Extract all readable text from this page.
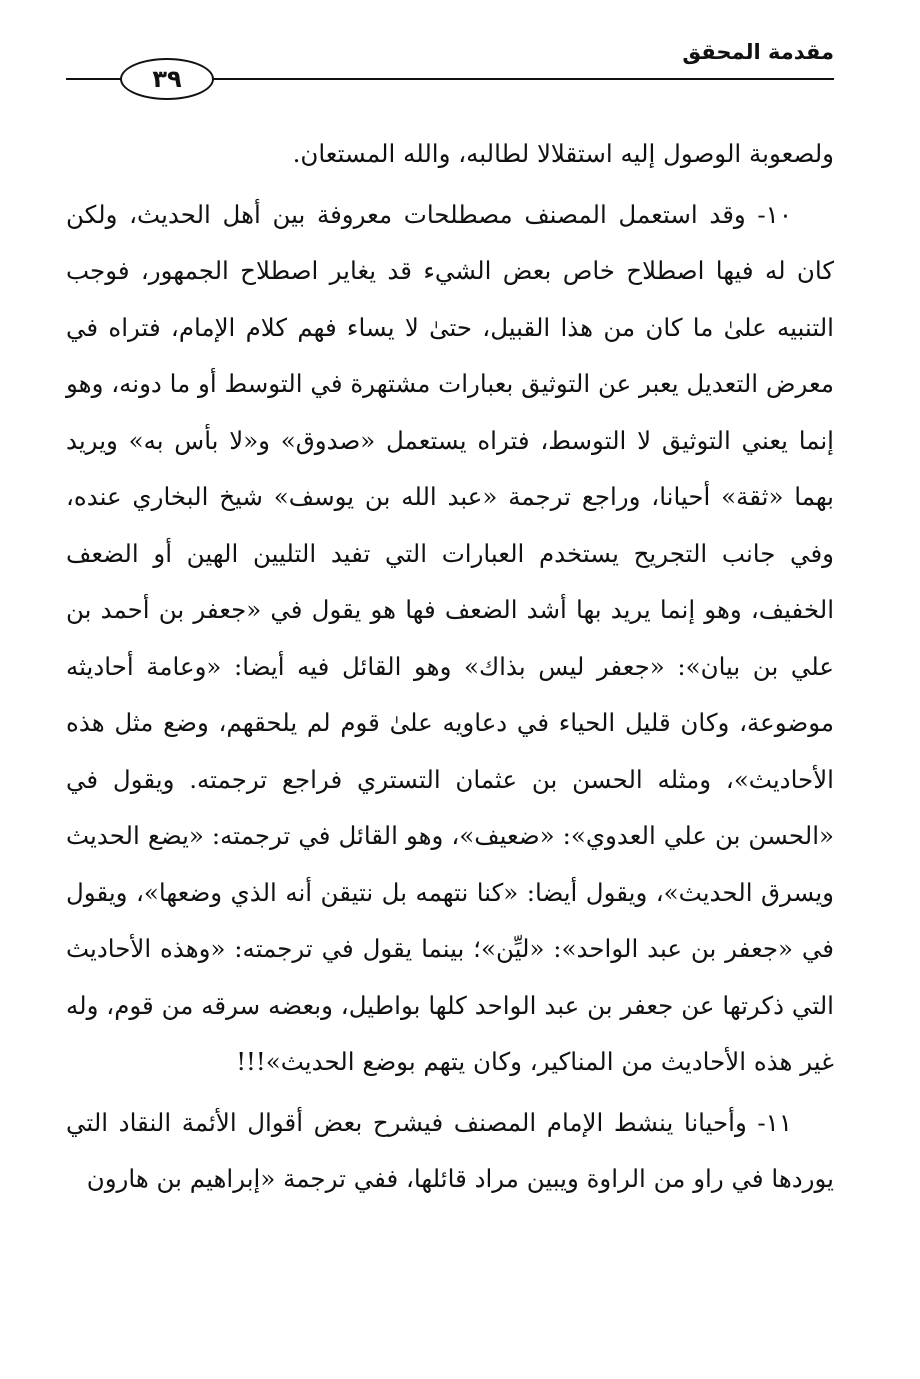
مقدمة المحقق
٣٩

ولصعوبة الوصول إليه استقلالا لطالبه، والله المستعان.

١٠- وقد استعمل المصنف مصطلحات معروفة بين أهل الحديث، ولكن كان له فيها اصطلاح خاص بعض الشيء قد يغاير اصطلاح الجمهور، فوجب التنبيه علىٰ ما كان من هذا القبيل، حتىٰ لا يساء فهم كلام الإمام، فتراه في معرض التعديل يعبر عن التوثيق بعبارات مشتهرة في التوسط أو ما دونه، وهو إنما يعني التوثيق لا التوسط، فتراه يستعمل «صدوق» و«لا بأس به» ويريد بهما «ثقة» أحيانا، وراجع ترجمة «عبد الله بن يوسف» شيخ البخاري عنده، وفي جانب التجريح يستخدم العبارات التي تفيد التليين الهين أو الضعف الخفيف، وهو إنما يريد بها أشد الضعف فها هو يقول في «جعفر بن أحمد بن علي بن بيان»: «جعفر ليس بذاك» وهو القائل فيه أيضا: «وعامة أحاديثه موضوعة، وكان قليل الحياء في دعاويه علىٰ قوم لم يلحقهم، وضع مثل هذه الأحاديث»، ومثله الحسن بن عثمان التستري فراجع ترجمته. ويقول في «الحسن بن علي العدوي»: «ضعيف»، وهو القائل في ترجمته: «يضع الحديث ويسرق الحديث»، ويقول أيضا: «كنا نتهمه بل نتيقن أنه الذي وضعها»، ويقول في «جعفر بن عبد الواحد»: «ليِّن»؛ بينما يقول في ترجمته: «وهذه الأحاديث التي ذكرتها عن جعفر بن عبد الواحد كلها بواطيل، وبعضه سرقه من قوم، وله غير هذه الأحاديث من المناكير، وكان يتهم بوضع الحديث»!!!

١١- وأحيانا ينشط الإمام المصنف فيشرح بعض أقوال الأئمة النقاد التي يوردها في راو من الراوة ويبين مراد قائلها، ففي ترجمة «إبراهيم بن هارون
